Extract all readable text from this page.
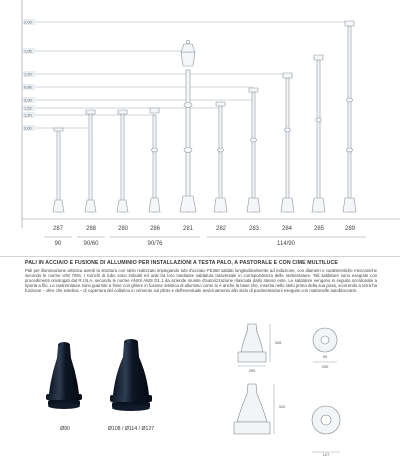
2,00
1,05
1,20
0,80
3,00
1,52
1,20
3,60
287	288	280	286	281	282	283	284	285	289
90	90/60	90/76	114/90
PALI IN ACCIAIO E FUSIONE DI ALLUMINIO PER INSTALLAZIONI A TESTA PALO, A PASTORALE E CON CIME MULTILUCE
Pali per illuminazione artistica aventi la struttura con stelo realizzato impiegando tubi d'acciaio FE360 saldati longitudinalmente ad induzione, con diametri e caratteristiche meccaniche secondo le norme UNI 7091. I tronchi di tubo sono imbutiti ed uniti tra loro mediante saldatura trasversale in corrispondenza delle rastremature. Tali saldature sono eseguite con procedimenti omologati dal R.I.N.A. secondo le norme ANSI/ AWS D1.1 da aziende munite d'autorizzazione rilasciata dallo stesso ente. Le saldature vengono in seguito scordonate a riporta a filo. Le rastremature sono guarnite a finire con ghiere in fusione artistica di alluminio come lo è anche la base che, inserita nello stelo prima della sua posa, scorrendo a terra ha funzione – oltre che estetica – di copertura del collarino in cemento sul plinto e dell'eventuale avvicinamento allo stelo di pavimentazioni eseguite con mattonelle autobloccanti.
345
290
90
290
320
127
Ø90	Ø108 / Ø114 / Ø127
